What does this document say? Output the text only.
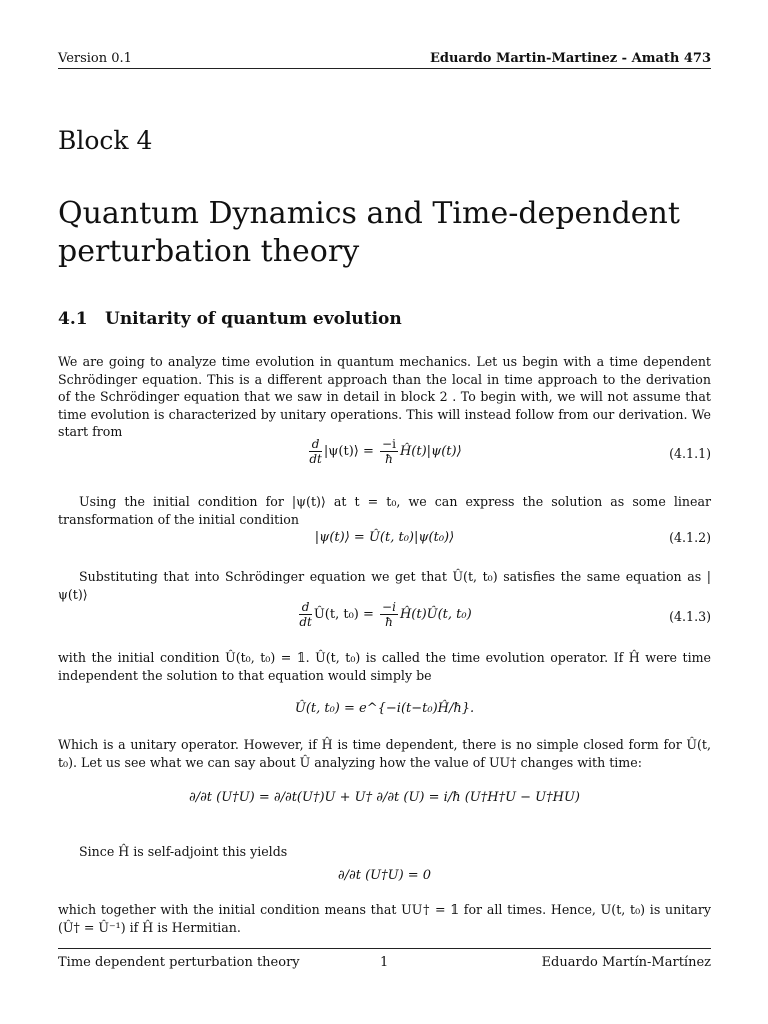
Version 0.1	Eduardo Martin-Martinez - Amath 473
Block 4
Quantum Dynamics and Time-dependent perturbation theory
4.1 Unitarity of quantum evolution
We are going to analyze time evolution in quantum mechanics. Let us begin with a time dependent Schrödinger equation. This is a different approach than the local in time approach to the derivation of the Schrödinger equation that we saw in detail in block 2 . To begin with, we will not assume that time evolution is characterized by unitary operations. This will instead follow from our derivation. We start from
$\frac{d}{dt}$ |ψ(t)⟩ = $\frac{-i}{ħ}$ Ĥ(t)|ψ(t)⟩	(4.1.1)
Using the initial condition for |ψ(t)⟩ at t = t₀, we can express the solution as some linear transformation of the initial condition
|ψ(t)⟩ = Û(t, t₀)|ψ(t₀)⟩	(4.1.2)
Substituting that into Schrödinger equation we get that Û(t, t₀) satisfies the same equation as |ψ(t)⟩
$\frac{d}{dt}$ Û(t, $t_0) = \frac{-i}{ħ}$ Ĥ(t)Û(t, t₀)	(4.1.3)
with the initial condition Û(t₀, t₀) = 𝟙. Û(t, t₀) is called the time evolution operator. If Ĥ were time independent the solution to that equation would simply be
Û(t, t₀) = e^{−i(t−t₀)Ĥ/ħ}.
Which is a unitary operator. However, if Ĥ is time dependent, there is no simple closed form for Û(t, t₀). Let us see what we can say about Û analyzing how the value of UU† changes with time:
∂/∂t (U†U) = ∂/∂t(U†)U + U† ∂/∂t (U) = i/ħ (U†H†U − U†HU)
Since Ĥ is self-adjoint this yields
∂/∂t (U†U) = 0
which together with the initial condition means that UU† = 𝟙 for all times. Hence, U(t, t₀) is unitary (Û† = Û⁻¹) if Ĥ is Hermitian.
Time dependent perturbation theory	1	Eduardo Martín-Martínez
